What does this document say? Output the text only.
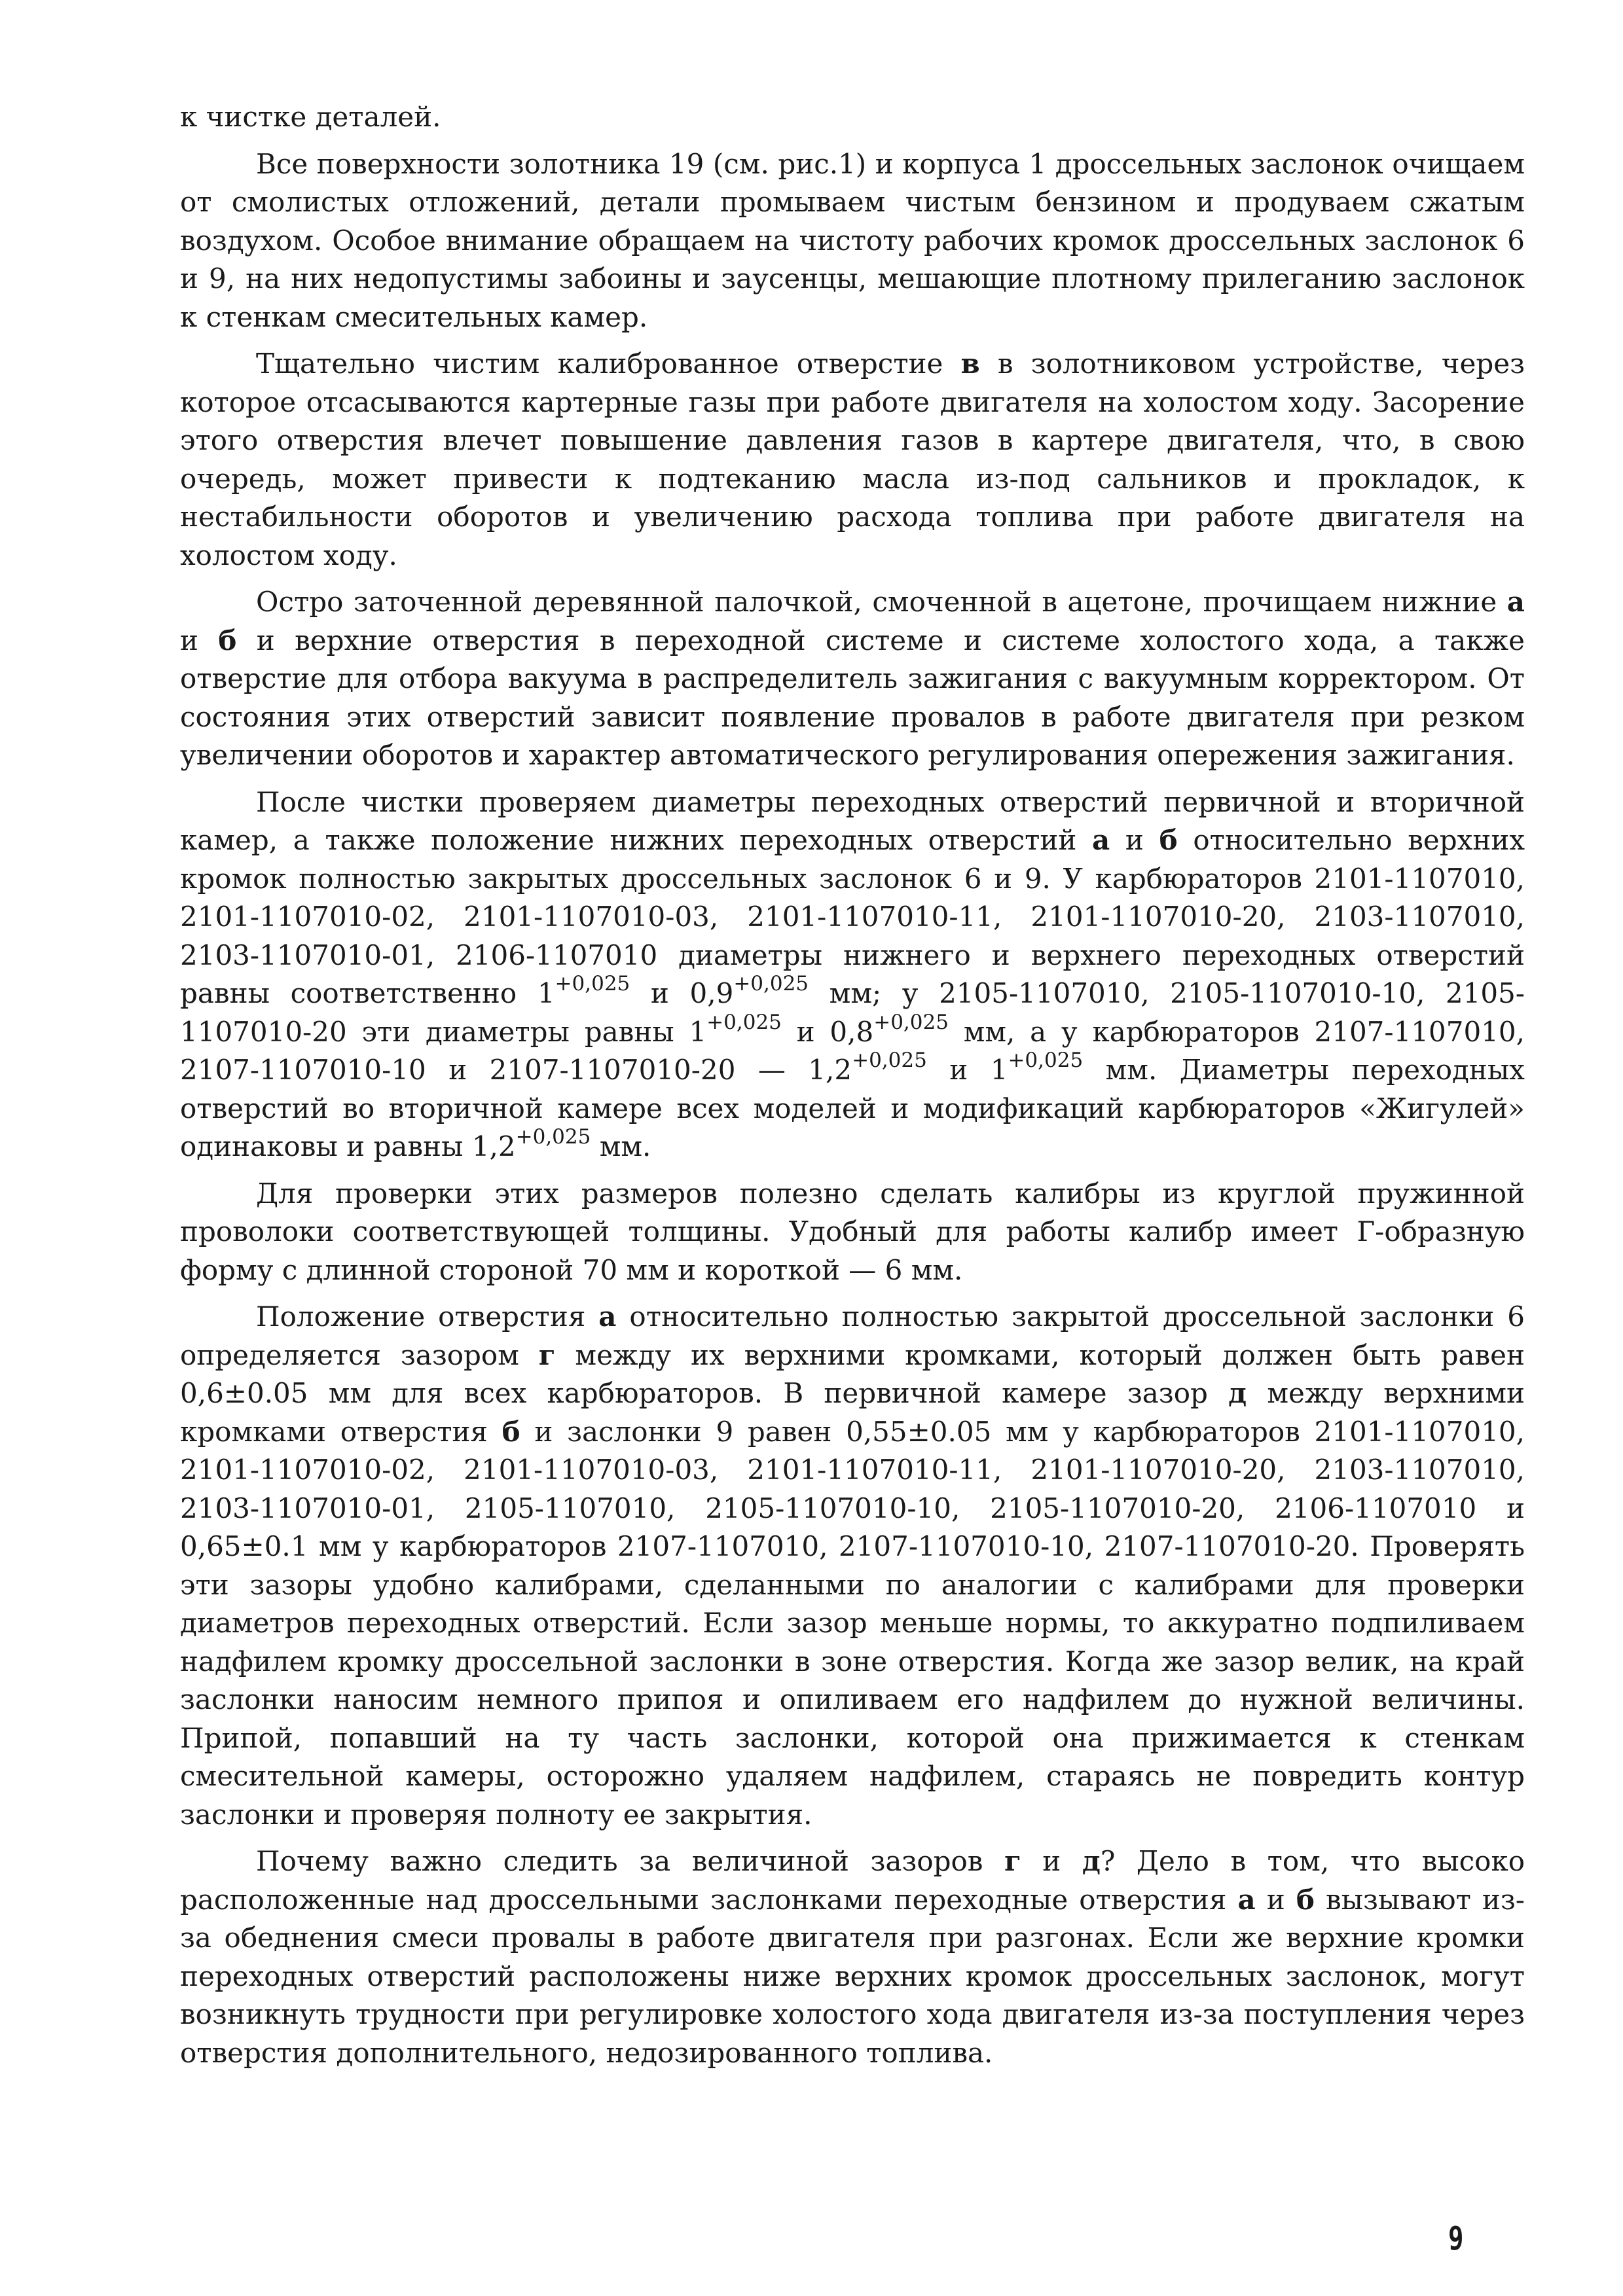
к чистке деталей.

Все поверхности золотника 19 (см. рис.1) и корпуса 1 дроссельных заслонок очищаем от смолистых отложений, детали промываем чистым бензином и продуваем сжатым воздухом. Особое внимание обращаем на чистоту рабочих кромок дроссельных заслонок 6 и 9, на них недопустимы забоины и заусенцы, мешающие плотному прилеганию заслонок к стенкам смесительных камер.

Тщательно чистим калиброванное отверстие в в золотниковом устройстве, через которое отсасываются картерные газы при работе двигателя на холостом ходу. Засорение этого отверстия влечет повышение давления газов в картере двигателя, что, в свою очередь, может привести к подтеканию масла из-под сальников и прокладок, к нестабильности оборотов и увеличению расхода топлива при работе двигателя на холостом ходу.

Остро заточенной деревянной палочкой, смоченной в ацетоне, прочищаем нижние а и б и верхние отверстия в переходной системе и системе холостого хода, а также отверстие для отбора вакуума в распределитель зажигания с вакуумным корректором. От состояния этих отверстий зависит появление провалов в работе двигателя при резком увеличении оборотов и характер автоматического регулирования опережения зажигания.

После чистки проверяем диаметры переходных отверстий первичной и вторичной камер, а также положение нижних переходных отверстий а и б относительно верхних кромок полностью закрытых дроссельных заслонок 6 и 9. У карбюраторов 2101-1107010, 2101-1107010-02, 2101-1107010-03, 2101-1107010-11, 2101-1107010-20, 2103-1107010, 2103-1107010-01, 2106-1107010 диаметры нижнего и верхнего переходных отверстий равны соответственно $1^{+0,025}$ и $0,9^{+0,025}$ мм; у 2105-1107010, 2105-1107010-10, 2105-1107010-20 эти диаметры равны $1^{+0,025}$ и $0,8^{+0,025}$ мм, а у карбюраторов 2107-1107010, 2107-1107010-10 и 2107-1107010-20 — $1,2^{+0,025}$ и $1^{+0,025}$ мм. Диаметры переходных отверстий во вторичной камере всех моделей и модификаций карбюраторов «Жигулей» одинаковы и равны $1,2^{+0,025}$ мм.

Для проверки этих размеров полезно сделать калибры из круглой пружинной проволоки соответствующей толщины. Удобный для работы калибр имеет Г-образную форму с длинной стороной 70 мм и короткой — 6 мм.

Положение отверстия а относительно полностью закрытой дроссельной заслонки 6 определяется зазором г между их верхними кромками, который должен быть равен 0,6±0.05 мм для всех карбюраторов. В первичной камере зазор д между верхними кромками отверстия б и заслонки 9 равен 0,55±0.05 мм у карбюраторов 2101-1107010, 2101-1107010-02, 2101-1107010-03, 2101-1107010-11, 2101-1107010-20, 2103-1107010, 2103-1107010-01, 2105-1107010, 2105-1107010-10, 2105-1107010-20, 2106-1107010 и 0,65±0.1 мм у карбюраторов 2107-1107010, 2107-1107010-10, 2107-1107010-20. Проверять эти зазоры удобно калибрами, сделанными по аналогии с калибрами для проверки диаметров переходных отверстий. Если зазор меньше нормы, то аккуратно подпиливаем надфилем кромку дроссельной заслонки в зоне отверстия. Когда же зазор велик, на край заслонки наносим немного припоя и опиливаем его надфилем до нужной величины. Припой, попавший на ту часть заслонки, которой она прижимается к стенкам смесительной камеры, осторожно удаляем надфилем, стараясь не повредить контур заслонки и проверяя полноту ее закрытия.

Почему важно следить за величиной зазоров г и д? Дело в том, что высоко расположенные над дроссельными заслонками переходные отверстия а и б вызывают из-за обеднения смеси провалы в работе двигателя при разгонах. Если же верхние кромки переходных отверстий расположены ниже верхних кромок дроссельных заслонок, могут возникнуть трудности при регулировке холостого хода двигателя из-за поступления через отверстия дополнительного, недозированного топлива.

9
